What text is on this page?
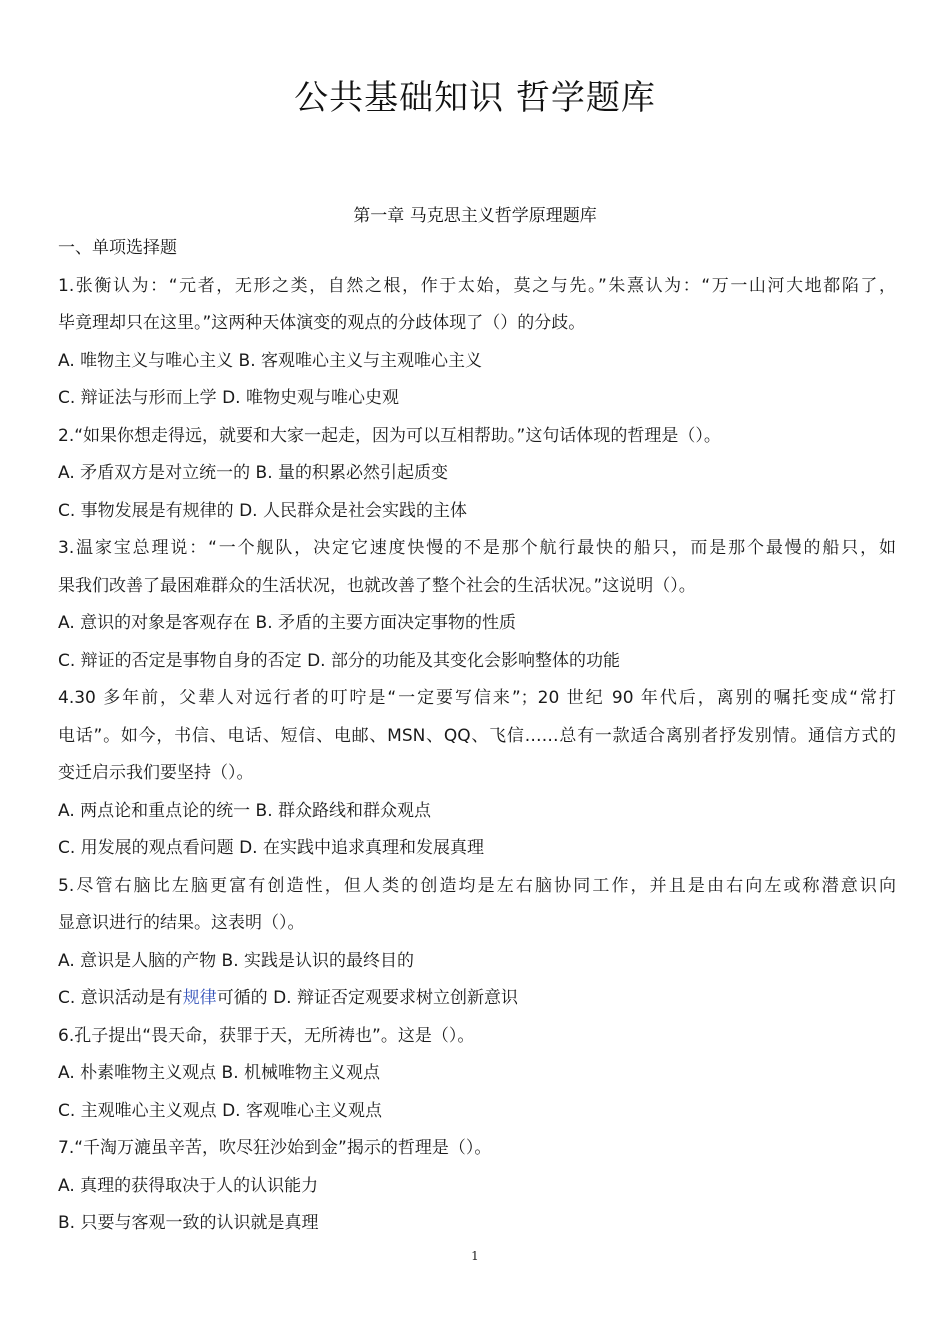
公共基础知识 哲学题库
第一章 马克思主义哲学原理题库
一、单项选择题
1.张衡认为：“元者，无形之类，自然之根，作于太始，莫之与先。”朱熹认为：“万一山河大地都陷了，
毕竟理却只在这里。”这两种天体演变的观点的分歧体现了（）的分歧。
A. 唯物主义与唯心主义 B. 客观唯心主义与主观唯心主义
C. 辩证法与形而上学 D. 唯物史观与唯心史观
2.“如果你想走得远，就要和大家一起走，因为可以互相帮助。”这句话体现的哲理是（）。
A. 矛盾双方是对立统一的 B. 量的积累必然引起质变
C. 事物发展是有规律的 D. 人民群众是社会实践的主体
3.温家宝总理说：“一个舰队，决定它速度快慢的不是那个航行最快的船只，而是那个最慢的船只，如
果我们改善了最困难群众的生活状况，也就改善了整个社会的生活状况。”这说明（）。
A. 意识的对象是客观存在 B. 矛盾的主要方面决定事物的性质
C. 辩证的否定是事物自身的否定 D. 部分的功能及其变化会影响整体的功能
4.30 多年前，父辈人对远行者的叮咛是“一定要写信来”；20 世纪 90 年代后，离别的嘱托变成“常打
电话”。如今，书信、电话、短信、电邮、MSN、QQ、飞信……总有一款适合离别者抒发别情。通信方式的
变迁启示我们要坚持（）。
A. 两点论和重点论的统一 B. 群众路线和群众观点
C. 用发展的观点看问题 D. 在实践中追求真理和发展真理
5.尽管右脑比左脑更富有创造性，但人类的创造均是左右脑协同工作，并且是由右向左或称潜意识向
显意识进行的结果。这表明（）。
A. 意识是人脑的产物 B. 实践是认识的最终目的
C. 意识活动是有规律可循的 D. 辩证否定观要求树立创新意识
6.孔子提出“畏天命，获罪于天，无所祷也”。这是（）。
A. 朴素唯物主义观点 B. 机械唯物主义观点
C. 主观唯心主义观点 D. 客观唯心主义观点
7.“千淘万漉虽辛苦，吹尽狂沙始到金”揭示的哲理是（）。
A. 真理的获得取决于人的认识能力
B. 只要与客观一致的认识就是真理
1
